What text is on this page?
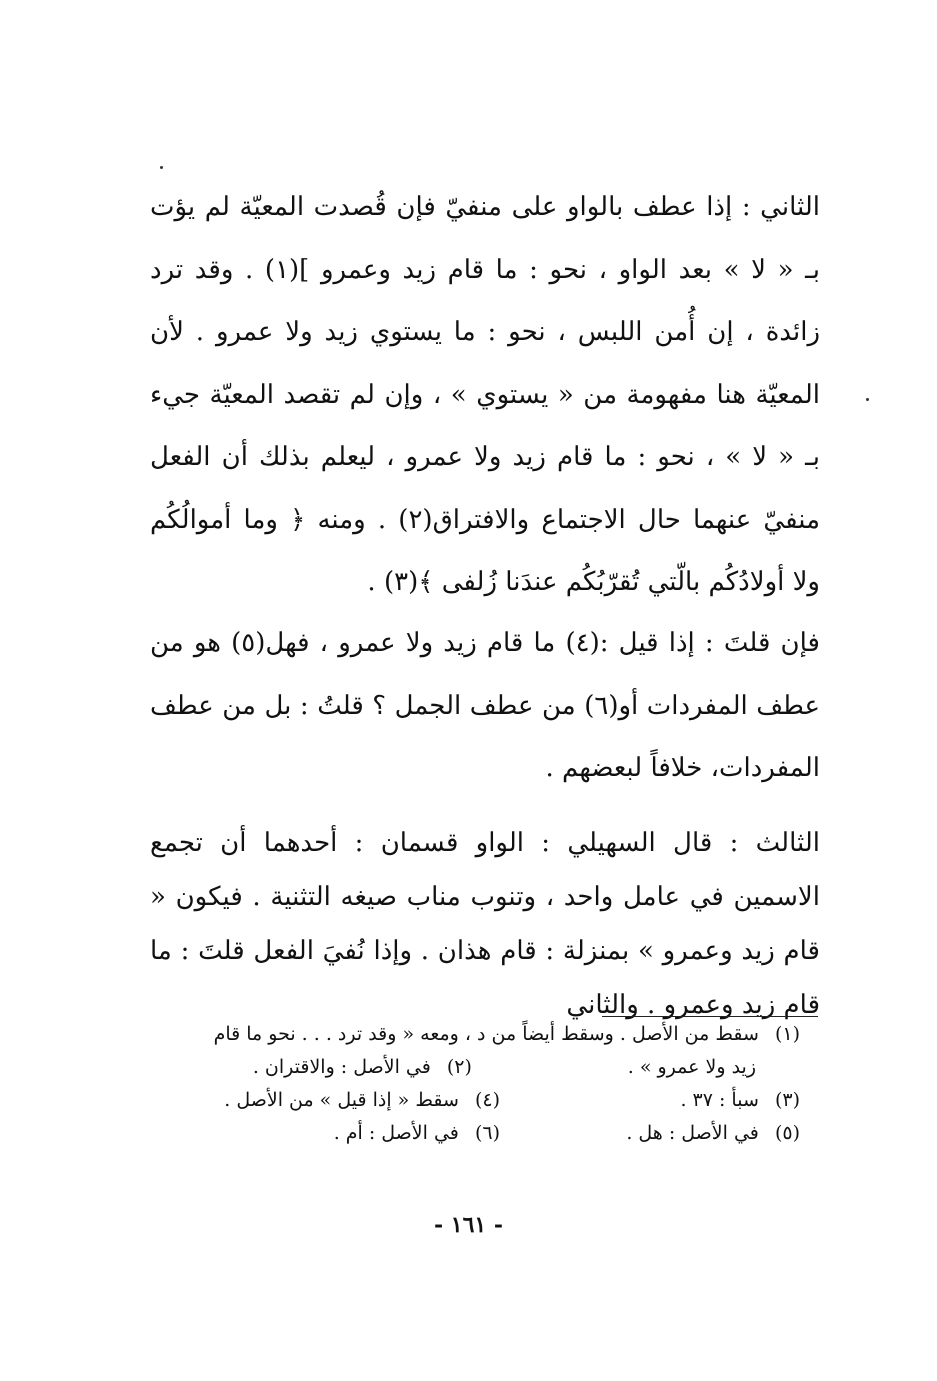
الثاني : إذا عطف بالواو على منفيّ فإن قُصدت المعيّة لم يؤت بـ « لا » بعد الواو ، نحو : ما قام زيد وعمرو ](١) . وقد ترد زائدة ، إن أُمن اللبس ، نحو : ما يستوي زيد ولا عمرو . لأن المعيّة هنا مفهومة من « يستوي » ، وإن لم تقصد المعيّة جيء بـ « لا » ، نحو : ما قام زيد ولا عمرو ، ليعلم بذلك أن الفعل منفيّ عنهما حال الاجتماع والافتراق(٢) . ومنه ﴿ وما أموالُكُم ولا أولادُكُم بالّتي تُقرّبُكُم عندَنا زُلفى ﴾(٣) .
فإن قلتَ : إذا قيل :(٤) ما قام زيد ولا عمرو ، فهل(٥) هو من عطف المفردات أو(٦) من عطف الجمل ؟ قلتُ : بل من عطف المفردات، خلافاً لبعضهم .
الثالث : قال السهيلي : الواو قسمان : أحدهما أن تجمع الاسمين في عامل واحد ، وتنوب مناب صيغه التثنية . فيكون « قام زيد وعمرو » بمنزلة : قام هذان . وإذا نُفيَ الفعل قلتَ : ما قام زيد وعمرو . والثاني
(١) سقط من الأصل . وسقط أيضاً من د ، ومعه « وقد ترد . . . نحو ما قام
زيد ولا عمرو » .
(٢) في الأصل : والاقتران .
(٣) سبأ : ٣٧ .
(٤) سقط « إذا قيل » من الأصل .
(٥) في الأصل : هل .
(٦) في الأصل : أم .
- ١٦١ -
